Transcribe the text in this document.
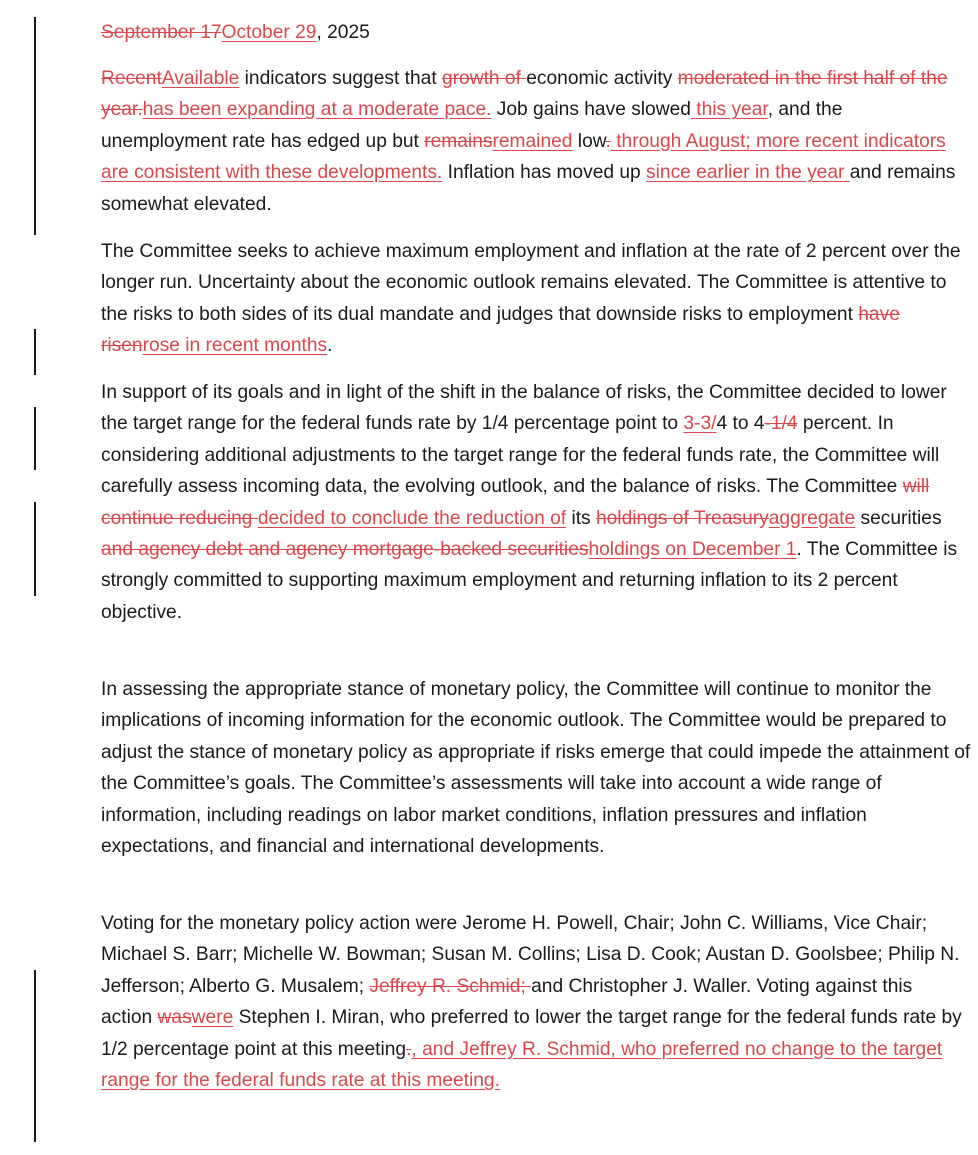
September 17October 29, 2025

RecentAvailable indicators suggest that growth of economic activity moderated in the first half of the year.has been expanding at a moderate pace. Job gains have slowed this year, and the unemployment rate has edged up but remainsremained low. through August; more recent indicators are consistent with these developments. Inflation has moved up since earlier in the year and remains somewhat elevated.

The Committee seeks to achieve maximum employment and inflation at the rate of 2 percent over the longer run. Uncertainty about the economic outlook remains elevated. The Committee is attentive to the risks to both sides of its dual mandate and judges that downside risks to employment have risenrose in recent months.

In support of its goals and in light of the shift in the balance of risks, the Committee decided to lower the target range for the federal funds rate by 1/4 percentage point to 3-3/4 to 4-1/4 percent. In considering additional adjustments to the target range for the federal funds rate, the Committee will carefully assess incoming data, the evolving outlook, and the balance of risks. The Committee will continue reducing decided to conclude the reduction of its holdings of Treasuryaggregate securities and agency debt and agency mortgage-backed securitiesholdings on December 1. The Committee is strongly committed to supporting maximum employment and returning inflation to its 2 percent objective.

In assessing the appropriate stance of monetary policy, the Committee will continue to monitor the implications of incoming information for the economic outlook. The Committee would be prepared to adjust the stance of monetary policy as appropriate if risks emerge that could impede the attainment of the Committee’s goals. The Committee’s assessments will take into account a wide range of information, including readings on labor market conditions, inflation pressures and inflation expectations, and financial and international developments.

Voting for the monetary policy action were Jerome H. Powell, Chair; John C. Williams, Vice Chair; Michael S. Barr; Michelle W. Bowman; Susan M. Collins; Lisa D. Cook; Austan D. Goolsbee; Philip N. Jefferson; Alberto G. Musalem; Jeffrey R. Schmid; and Christopher J. Waller. Voting against this action waswere Stephen I. Miran, who preferred to lower the target range for the federal funds rate by 1/2 percentage point at this meeting., and Jeffrey R. Schmid, who preferred no change to the target range for the federal funds rate at this meeting.
